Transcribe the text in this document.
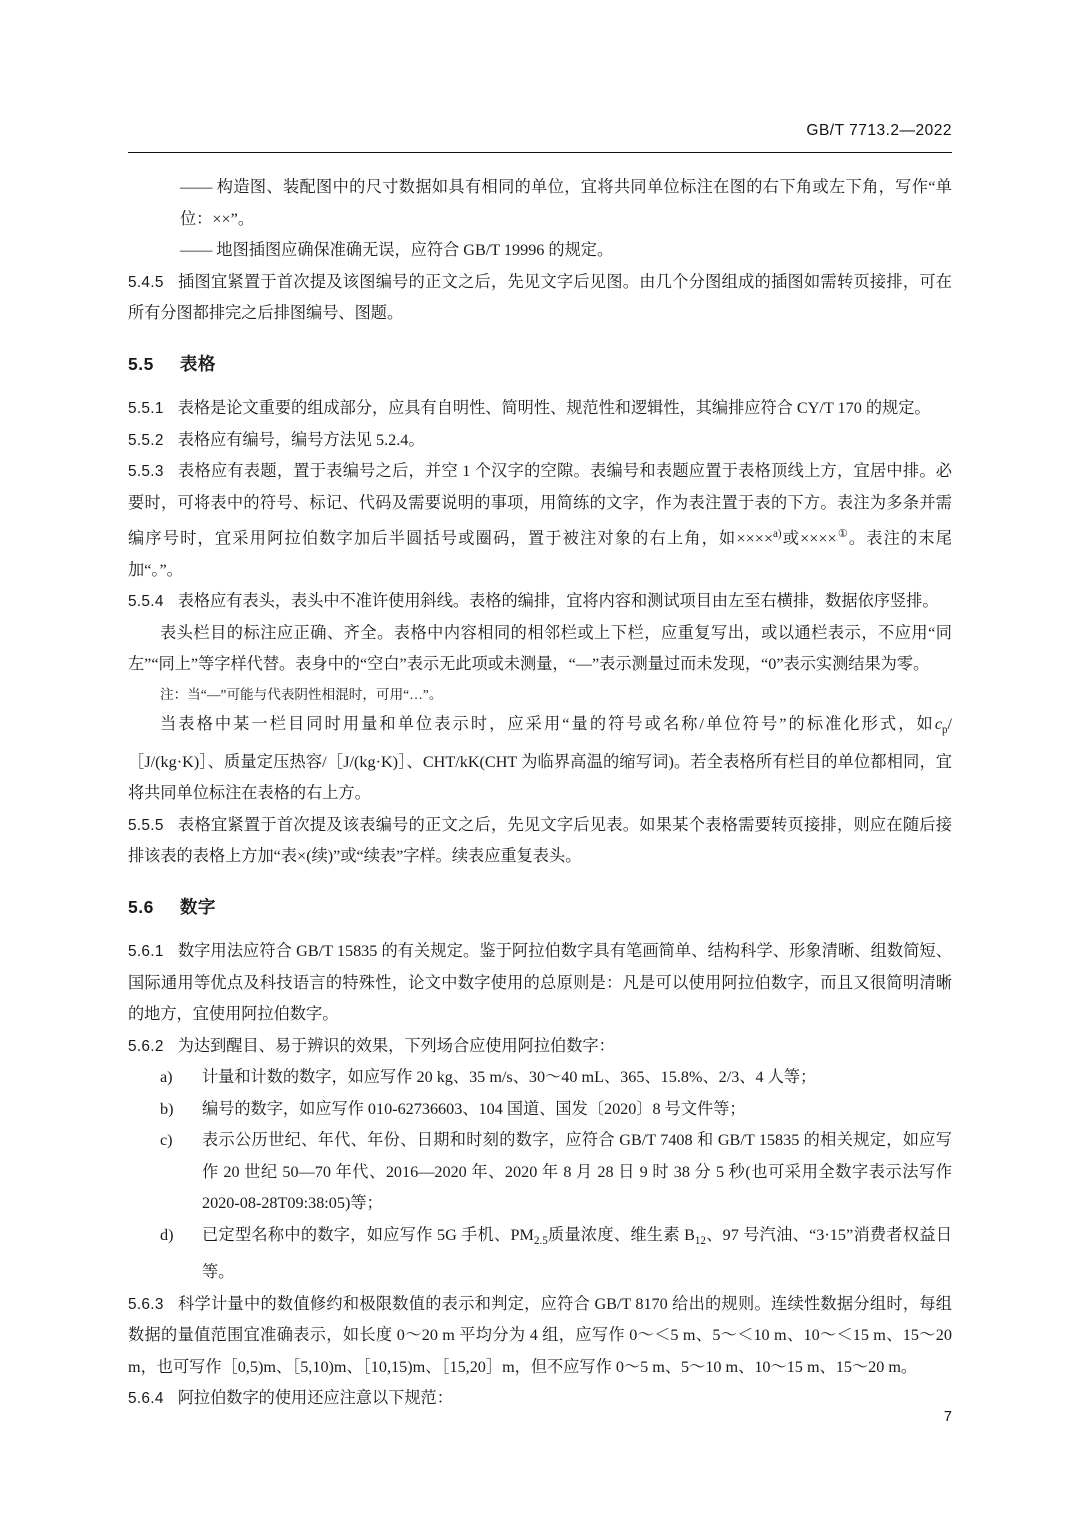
GB/T 7713.2—2022

—— 构造图、装配图中的尺寸数据如具有相同的单位，宜将共同单位标注在图的右下角或左下角，写作“单位：××”。

—— 地图插图应确保准确无误，应符合 GB/T 19996 的规定。

5.4.5 插图宜紧置于首次提及该图编号的正文之后，先见文字后见图。由几个分图组成的插图如需转页接排，可在所有分图都排完之后排图编号、图题。

5.5 表格

5.5.1 表格是论文重要的组成部分，应具有自明性、简明性、规范性和逻辑性，其编排应符合 CY/T 170 的规定。

5.5.2 表格应有编号，编号方法见 5.2.4。

5.5.3 表格应有表题，置于表编号之后，并空 1 个汉字的空隙。表编号和表题应置于表格顶线上方，宜居中排。必要时，可将表中的符号、标记、代码及需要说明的事项，用简练的文字，作为表注置于表的下方。表注为多条并需编序号时，宜采用阿拉伯数字加后半圆括号或圈码，置于被注对象的右上角，如××××$^{a)}$或××××①。表注的末尾加“。”。

5.5.4 表格应有表头，表头中不准许使用斜线。表格的编排，宜将内容和测试项目由左至右横排，数据依序竖排。

表头栏目的标注应正确、齐全。表格中内容相同的相邻栏或上下栏，应重复写出，或以通栏表示，不应用“同左”“同上”等字样代替。表身中的“空白”表示无此项或未测量，“—”表示测量过而未发现，“0”表示实测结果为零。

注：当“—”可能与代表阴性相混时，可用“…”。

当表格中某一栏目同时用量和单位表示时，应采用“量的符号或名称/单位符号”的标准化形式，如$c_p/[J/(kg\cdot K)]$、质量定压热容/［J/(kg·K)］、CHT/kK(CHT 为临界高温的缩写词)。若全表格所有栏目的单位都相同，宜将共同单位标注在表格的右上方。

5.5.5 表格宜紧置于首次提及该表编号的正文之后，先见文字后见表。如果某个表格需要转页接排，则应在随后接排该表的表格上方加“表×(续)”或“续表”字样。续表应重复表头。

5.6 数字

5.6.1 数字用法应符合 GB/T 15835 的有关规定。鉴于阿拉伯数字具有笔画简单、结构科学、形象清晰、组数简短、国际通用等优点及科技语言的特殊性，论文中数字使用的总原则是：凡是可以使用阿拉伯数字，而且又很简明清晰的地方，宜使用阿拉伯数字。

5.6.2 为达到醒目、易于辨识的效果，下列场合应使用阿拉伯数字：

a) 计量和计数的数字，如应写作 20 kg、35 m/s、30～40 mL、365、15.8%、2/3、4 人等；

b) 编号的数字，如应写作 010-62736603、104 国道、国发〔2020〕8 号文件等；

c) 表示公历世纪、年代、年份、日期和时刻的数字，应符合 GB/T 7408 和 GB/T 15835 的相关规定，如应写作 20 世纪 50—70 年代、2016—2020 年、2020 年 8 月 28 日 9 时 38 分 5 秒(也可采用全数字表示法写作 2020-08-28T09:38:05)等；

d) 已定型名称中的数字，如应写作 5G 手机、$PM_{2.5}$质量浓度、维生素 $B_{12}$、97 号汽油、“3·15”消费者权益日等。

5.6.3 科学计量中的数值修约和极限数值的表示和判定，应符合 GB/T 8170 给出的规则。连续性数据分组时，每组数据的量值范围宜准确表示，如长度 0～20 m 平均分为 4 组，应写作 0～＜5 m、5～＜10 m、10～＜15 m、15～20 m，也可写作［0,5)m、［5,10)m、［10,15)m、［15,20］m，但不应写作 0～5 m、5～10 m、10～15 m、15～20 m。

5.6.4 阿拉伯数字的使用还应注意以下规范：

7
